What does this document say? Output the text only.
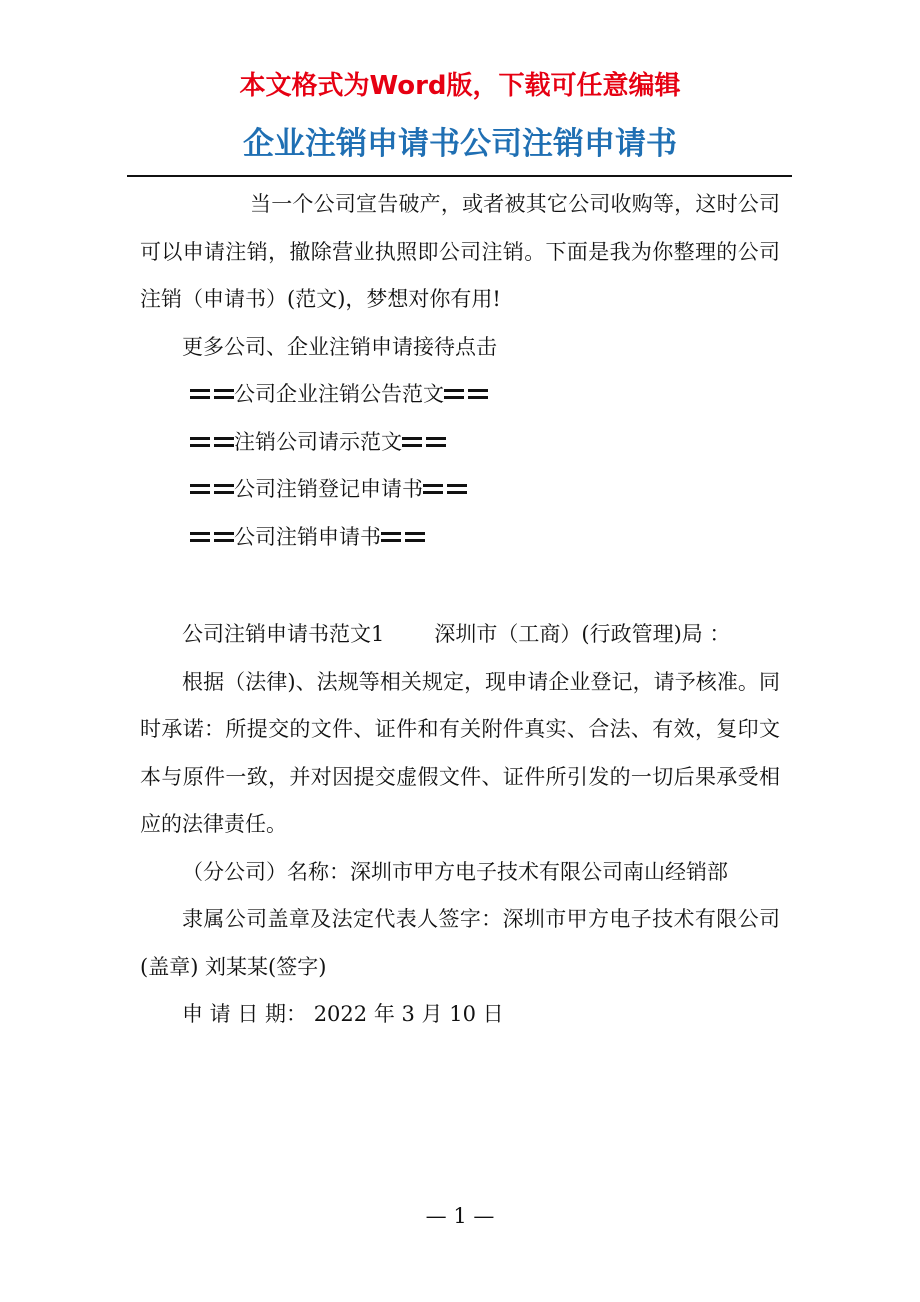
本文格式为Word版，下载可任意编辑
企业注销申请书公司注销申请书

当一个公司宣告破产，或者被其它公司收购等，这时公司可以申请注销，撤除营业执照即公司注销。下面是我为你整理的公司注销（申请书）(范文)，梦想对你有用!

更多公司、企业注销申请接待点击

公司企业注销公告范文

注销公司请示范文

公司注销登记申请书

公司注销申请书

公司注销申请书范文1 深圳市（工商）(行政管理)局 ：

根据（法律)、法规等相关规定，现申请企业登记，请予核准。同时承诺：所提交的文件、证件和有关附件真实、合法、有效，复印文本与原件一致，并对因提交虚假文件、证件所引发的一切后果承受相应的法律责任。

（分公司）名称：深圳市甲方电子技术有限公司南山经销部

隶属公司盖章及法定代表人签字：深圳市甲方电子技术有限公司 (盖章) 刘某某(签字)

申 请 日 期： 2022 年 3 月 10 日

— 1 —
